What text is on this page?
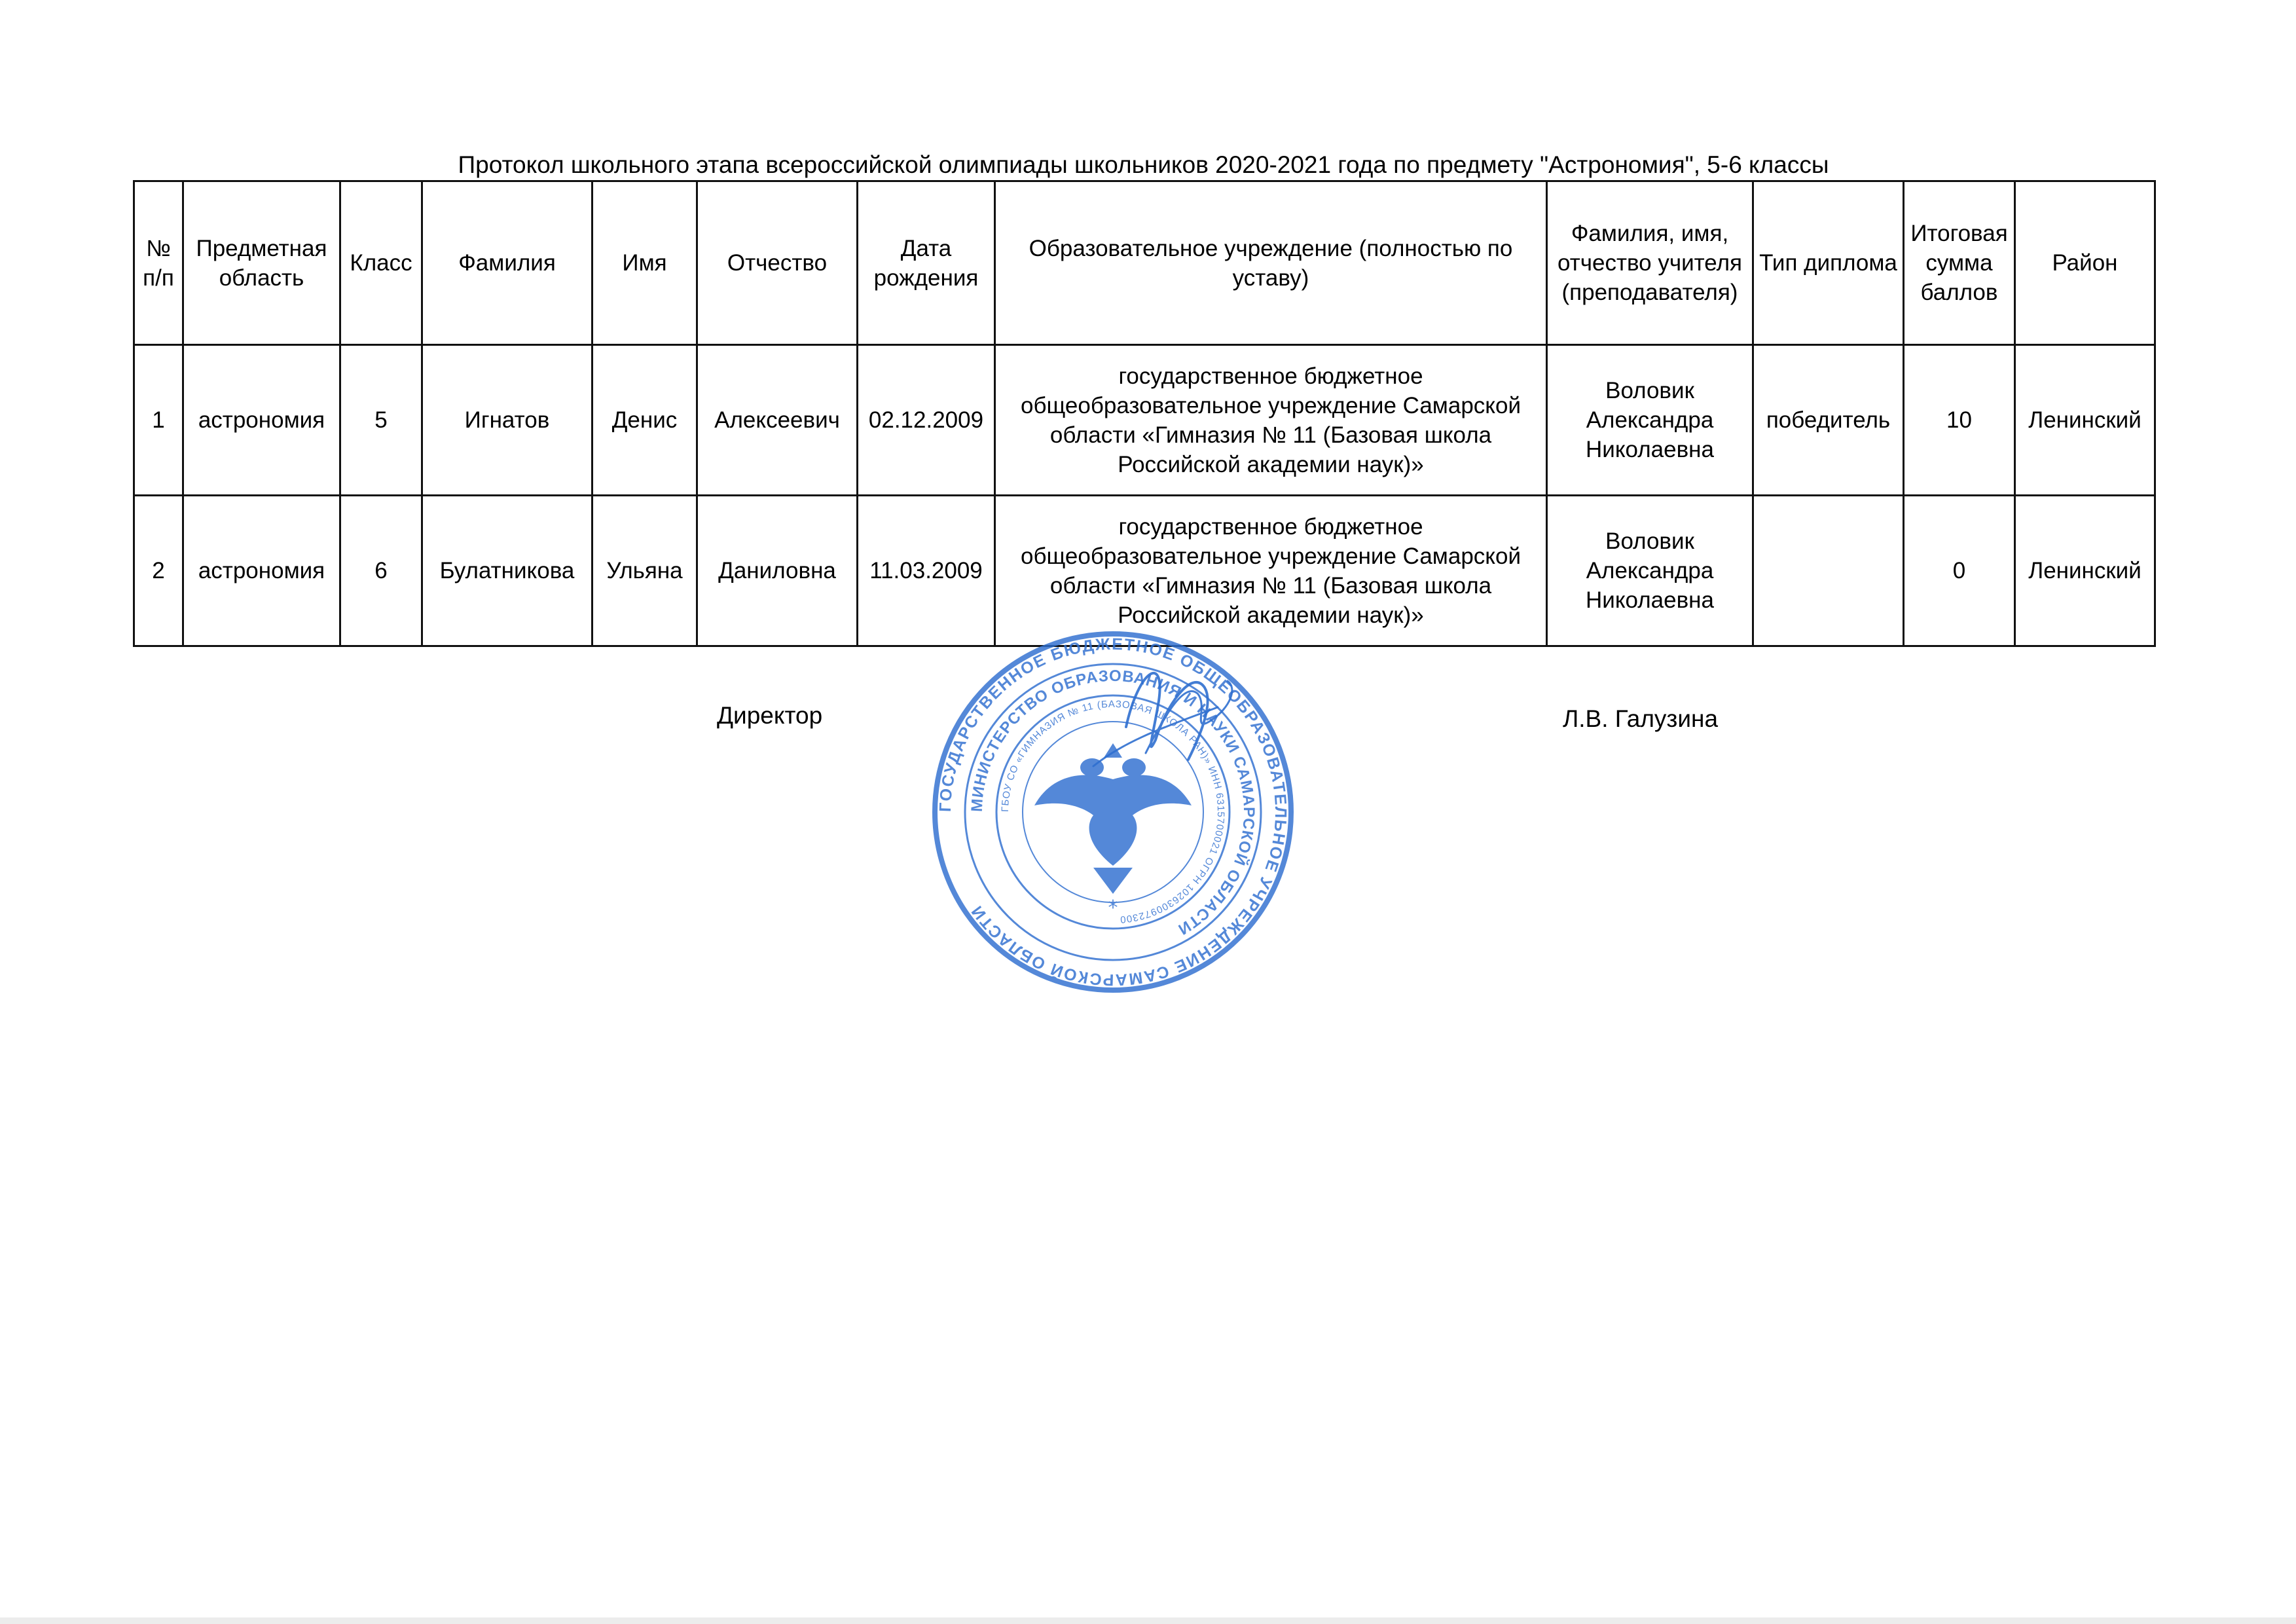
Протокол школьного этапа всероссийской олимпиады школьников 2020-2021 года по предмету "Астрономия", 5-6 классы
№ п/п	Предметная область	Класс	Фамилия	Имя	Отчество	Дата рождения	Образовательное учреждение (полностью по уставу)	Фамилия, имя, отчество учителя (преподавателя)	Тип диплома	Итоговая сумма баллов	Район
1	астрономия	5	Игнатов	Денис	Алексеевич	02.12.2009	государственное бюджетное общеобразовательное учреждение Самарской области «Гимназия № 11 (Базовая школа Российской академии наук)»	Воловик Александра Николаевна	победитель	10	Ленинский
2	астрономия	6	Булатникова	Ульяна	Даниловна	11.03.2009	государственное бюджетное общеобразовательное учреждение Самарской области «Гимназия № 11 (Базовая школа Российской академии наук)»	Воловик Александра Николаевна		0	Ленинский
Директор	Л.В. Галузина
ГОСУДАРСТВЕННОЕ БЮДЖЕТНОЕ ОБЩЕОБРАЗОВАТЕЛЬНОЕ УЧРЕЖДЕНИЕ САМАРСКОЙ ОБЛАСТИ
МИНИСТЕРСТВО ОБРАЗОВАНИЯ И НАУКИ САМАРСКОЙ ОБЛАСТИ
ГБОУ СО «ГИМНАЗИЯ № 11 (БАЗОВАЯ ШКОЛА РАН)» ИНН 6315700021 ОГРН 1026300972300
*
